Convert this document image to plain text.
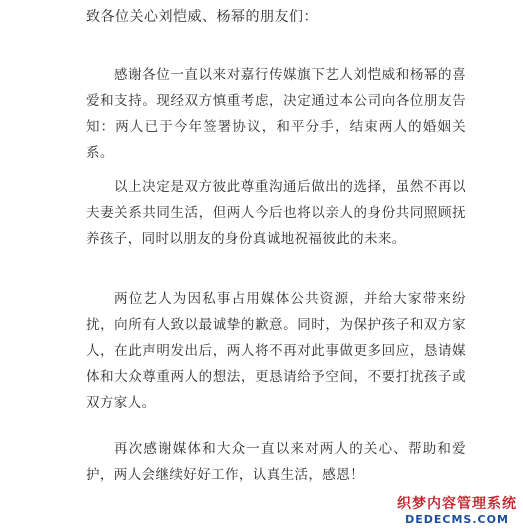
致各位关心刘恺威、杨幂的朋友们：

感谢各位一直以来对嘉行传媒旗下艺人刘恺威和杨幂的喜爱和支持。现经双方慎重考虑，决定通过本公司向各位朋友告知：两人已于今年签署协议，和平分手，结束两人的婚姻关系。

以上决定是双方彼此尊重沟通后做出的选择，虽然不再以夫妻关系共同生活，但两人今后也将以亲人的身份共同照顾抚养孩子，同时以朋友的身份真诚地祝福彼此的未来。

两位艺人为因私事占用媒体公共资源，并给大家带来纷扰，向所有人致以最诚挚的歉意。同时，为保护孩子和双方家人，在此声明发出后，两人将不再对此事做更多回应，恳请媒体和大众尊重两人的想法，更恳请给予空间，不要打扰孩子或双方家人。

再次感谢媒体和大众一直以来对两人的关心、帮助和爱护，两人会继续好好工作，认真生活，感恩！

织梦内容管理系统
DEDECMS.COM
